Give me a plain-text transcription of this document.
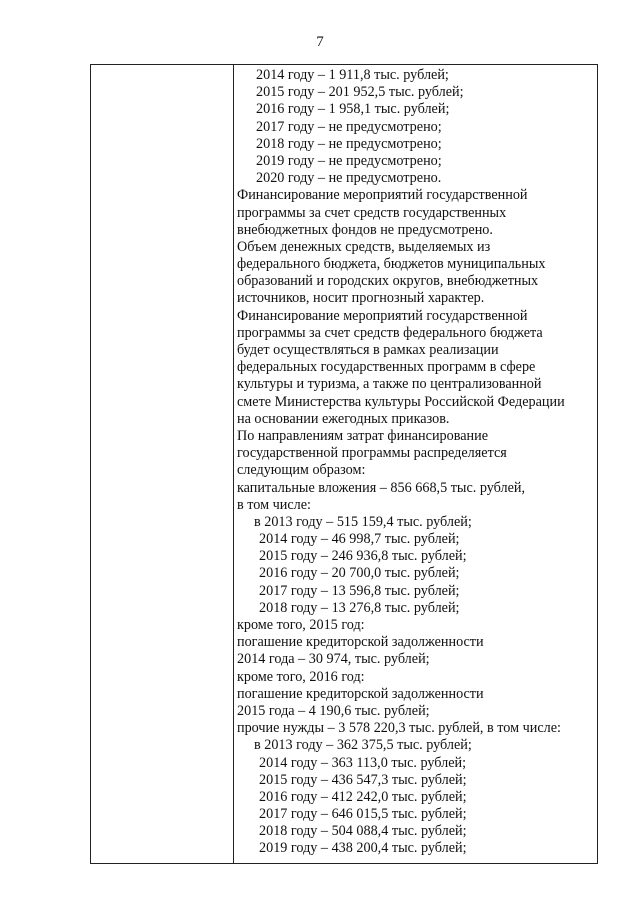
7
2014 году – 1 911,8 тыс. рублей;
2015 году – 201 952,5 тыс. рублей;
2016 году – 1 958,1 тыс. рублей;
2017 году – не предусмотрено;
2018 году – не предусмотрено;
2019 году – не предусмотрено;
2020 году – не предусмотрено.
Финансирование мероприятий государственной
программы за счет средств государственных
внебюджетных фондов не предусмотрено.
Объем денежных средств, выделяемых из
федерального бюджета, бюджетов муниципальных
образований и городских округов, внебюджетных
источников, носит прогнозный характер.
Финансирование мероприятий государственной
программы за счет средств федерального бюджета
будет осуществляться в рамках реализации
федеральных государственных программ в сфере
культуры и туризма, а также по централизованной
смете Министерства культуры Российской Федерации
на основании ежегодных приказов.
По направлениям затрат финансирование
государственной программы распределяется
следующим образом:
капитальные вложения – 856 668,5 тыс. рублей,
в том числе:
в 2013 году – 515 159,4 тыс. рублей;
2014 году – 46 998,7 тыс. рублей;
2015 году – 246 936,8 тыс. рублей;
2016 году – 20 700,0 тыс. рублей;
2017 году – 13 596,8 тыс. рублей;
2018 году – 13 276,8 тыс. рублей;
кроме того, 2015 год:
погашение кредиторской задолженности
2014 года – 30 974, тыс. рублей;
кроме того, 2016 год:
погашение кредиторской задолженности
2015 года – 4 190,6 тыс. рублей;
прочие нужды – 3 578 220,3 тыс. рублей, в том числе:
в 2013 году – 362 375,5 тыс. рублей;
2014 году – 363 113,0 тыс. рублей;
2015 году – 436 547,3 тыс. рублей;
2016 году – 412 242,0 тыс. рублей;
2017 году – 646 015,5 тыс. рублей;
2018 году – 504 088,4 тыс. рублей;
2019 году – 438 200,4 тыс. рублей;
